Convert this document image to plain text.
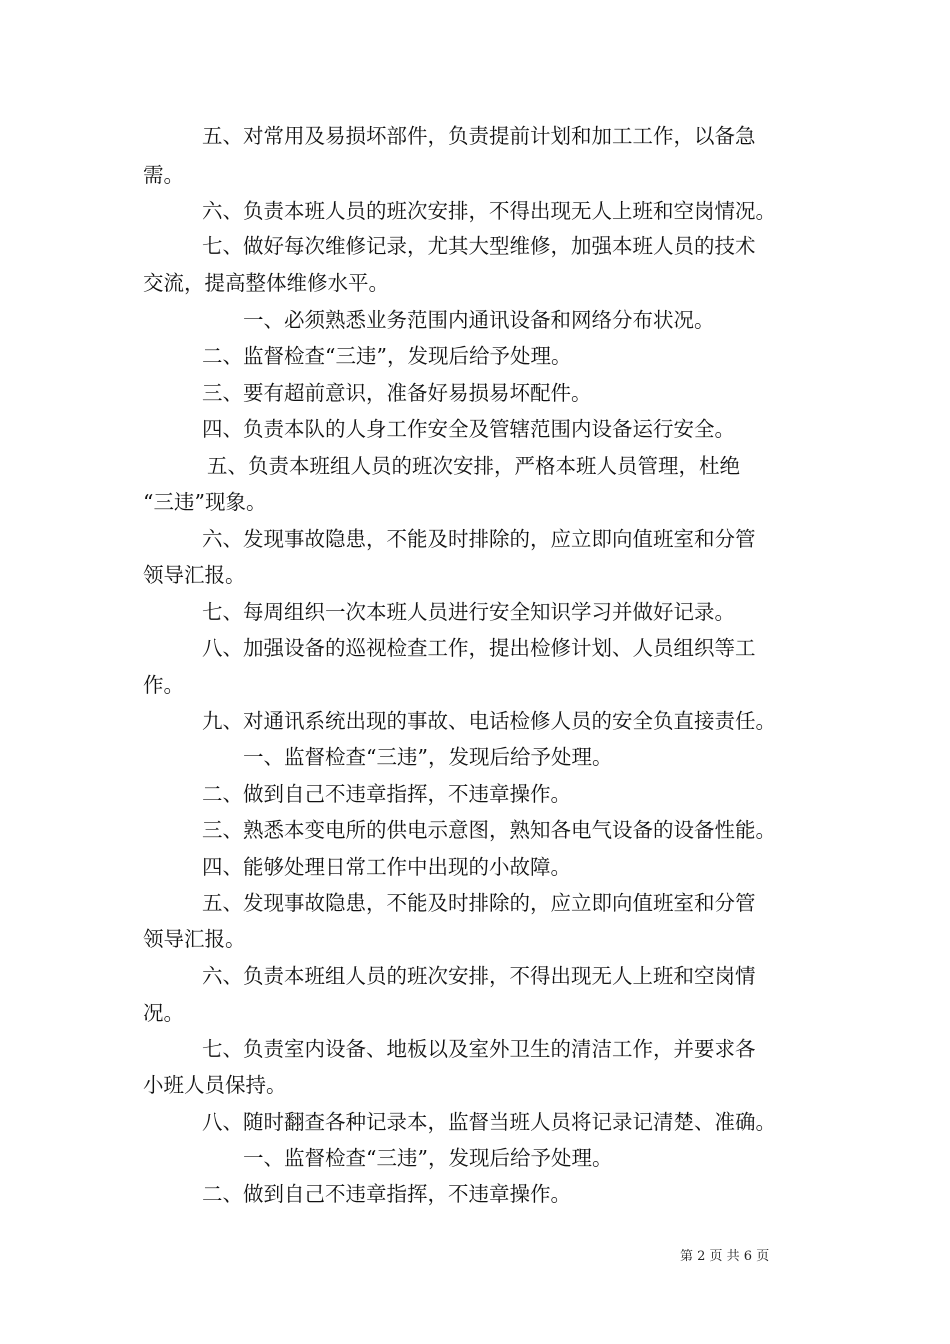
五、对常用及易损坏部件，负责提前计划和加工工作，以备急
需。
六、负责本班人员的班次安排，不得出现无人上班和空岗情况。
七、做好每次维修记录，尤其大型维修，加强本班人员的技术
交流，提高整体维修水平。
一、必须熟悉业务范围内通讯设备和网络分布状况。
二、监督检查“三违”，发现后给予处理。
三、要有超前意识，准备好易损易坏配件。
四、负责本队的人身工作安全及管辖范围内设备运行安全。
五、负责本班组人员的班次安排，严格本班人员管理，杜绝
“三违”现象。
六、发现事故隐患，不能及时排除的，应立即向值班室和分管
领导汇报。
七、每周组织一次本班人员进行安全知识学习并做好记录。
八、加强设备的巡视检查工作，提出检修计划、人员组织等工
作。
九、对通讯系统出现的事故、电话检修人员的安全负直接责任。
一、监督检查“三违”，发现后给予处理。
二、做到自己不违章指挥，不违章操作。
三、熟悉本变电所的供电示意图，熟知各电气设备的设备性能。
四、能够处理日常工作中出现的小故障。
五、发现事故隐患，不能及时排除的，应立即向值班室和分管
领导汇报。
六、负责本班组人员的班次安排，不得出现无人上班和空岗情
况。
七、负责室内设备、地板以及室外卫生的清洁工作，并要求各
小班人员保持。
八、随时翻查各种记录本，监督当班人员将记录记清楚、准确。
一、监督检查“三违”，发现后给予处理。
二、做到自己不违章指挥，不违章操作。
第 2 页 共 6 页
